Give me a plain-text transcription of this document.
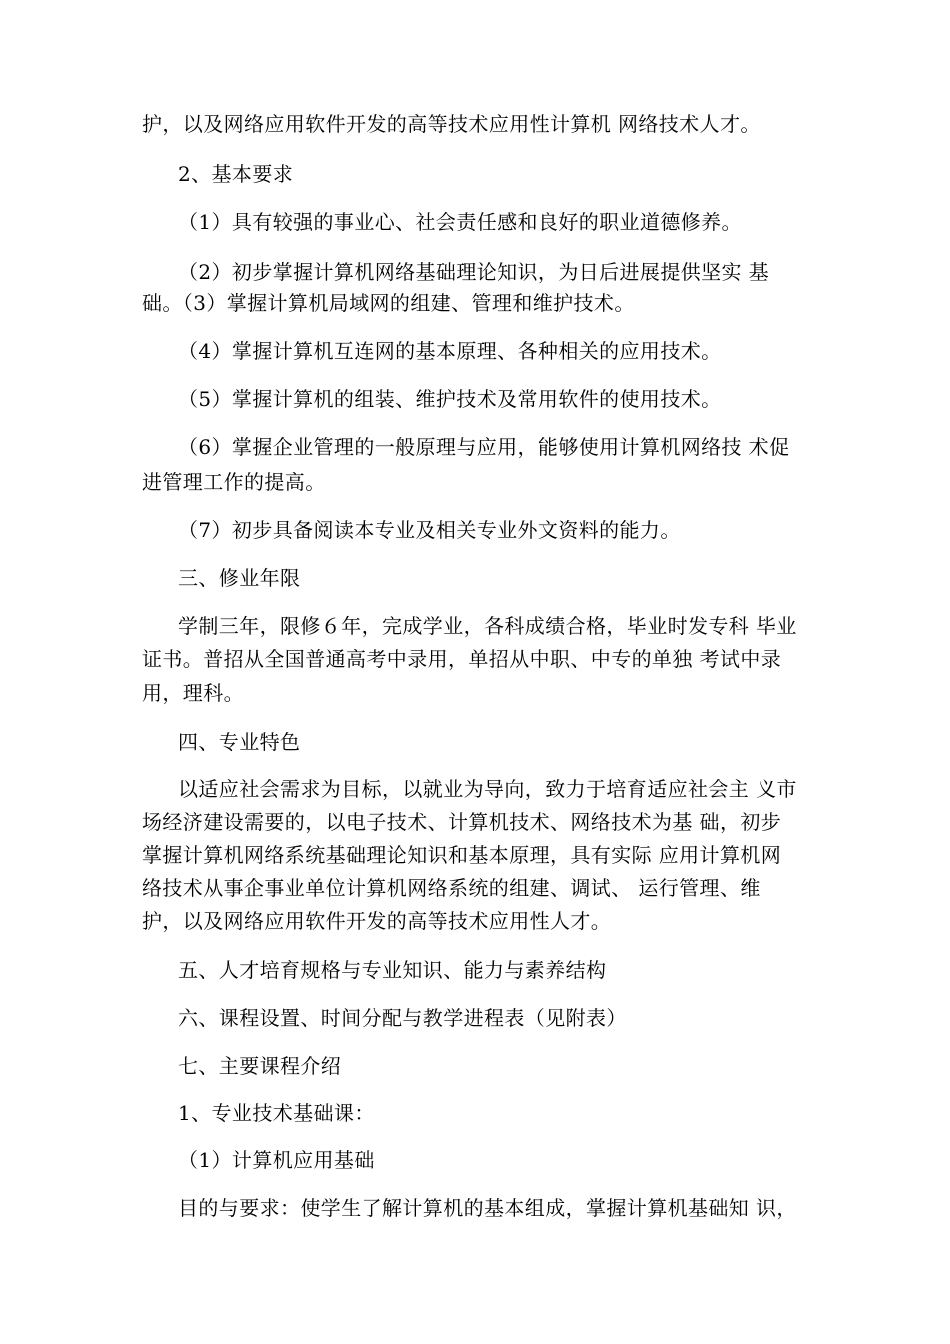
护，以及网络应用软件开发的高等技术应用性计算机 网络技术人才。
2、基本要求
（1）具有较强的事业心、社会责任感和良好的职业道德修养。
（2）初步掌握计算机网络基础理论知识，为日后进展提供坚实 基
础。（3）掌握计算机局域网的组建、管理和维护技术。
（4）掌握计算机互连网的基本原理、各种相关的应用技术。
（5）掌握计算机的组装、维护技术及常用软件的使用技术。
（6）掌握企业管理的一般原理与应用，能够使用计算机网络技 术促
进管理工作的提高。
（7）初步具备阅读本专业及相关专业外文资料的能力。
三、修业年限
学制三年，限修６年，完成学业，各科成绩合格，毕业时发专科 毕业
证书。普招从全国普通高考中录用，单招从中职、中专的单独 考试中录
用，理科。
四、专业特色
以适应社会需求为目标，以就业为导向，致力于培育适应社会主 义市
场经济建设需要的，以电子技术、计算机技术、网络技术为基 础，初步
掌握计算机网络系统基础理论知识和基本原理，具有实际 应用计算机网
络技术从事企事业单位计算机网络系统的组建、调试、 运行管理、维
护，以及网络应用软件开发的高等技术应用性人才。
五、人才培育规格与专业知识、能力与素养结构
六、课程设置、时间分配与教学进程表（见附表）
七、主要课程介绍
1、专业技术基础课：
（1）计算机应用基础
目的与要求：使学生了解计算机的基本组成，掌握计算机基础知 识，
